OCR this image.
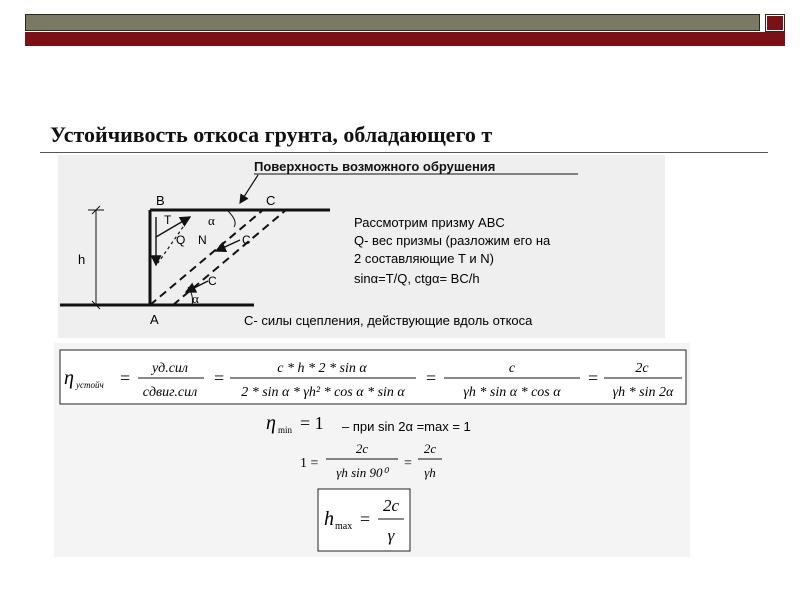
Устойчивость откоса грунта, обладающего т
Поверхность возможного обрушения
h
B	C
T	α
Q N	C
C
α
A
Рассмотрим призму ABC
Q- вес призмы (разложим его на
2 составляющие T и N)
sinα=T/Q, ctgα= BC/h
C- силы сцепления, действующие вдоль откоса
η устойч = уд.сил
сдвиг.сил
=	c * h * 2 * sin α
2 * sin α * γh² * cos α * sin α
=	c
γh * sin α * cos α
=	2c
γh * sin 2α
η min = 1 – при sin 2α =max = 1
1 =
2c
γh sin 90⁰
=
2c
γh
h max =
2c
γ
